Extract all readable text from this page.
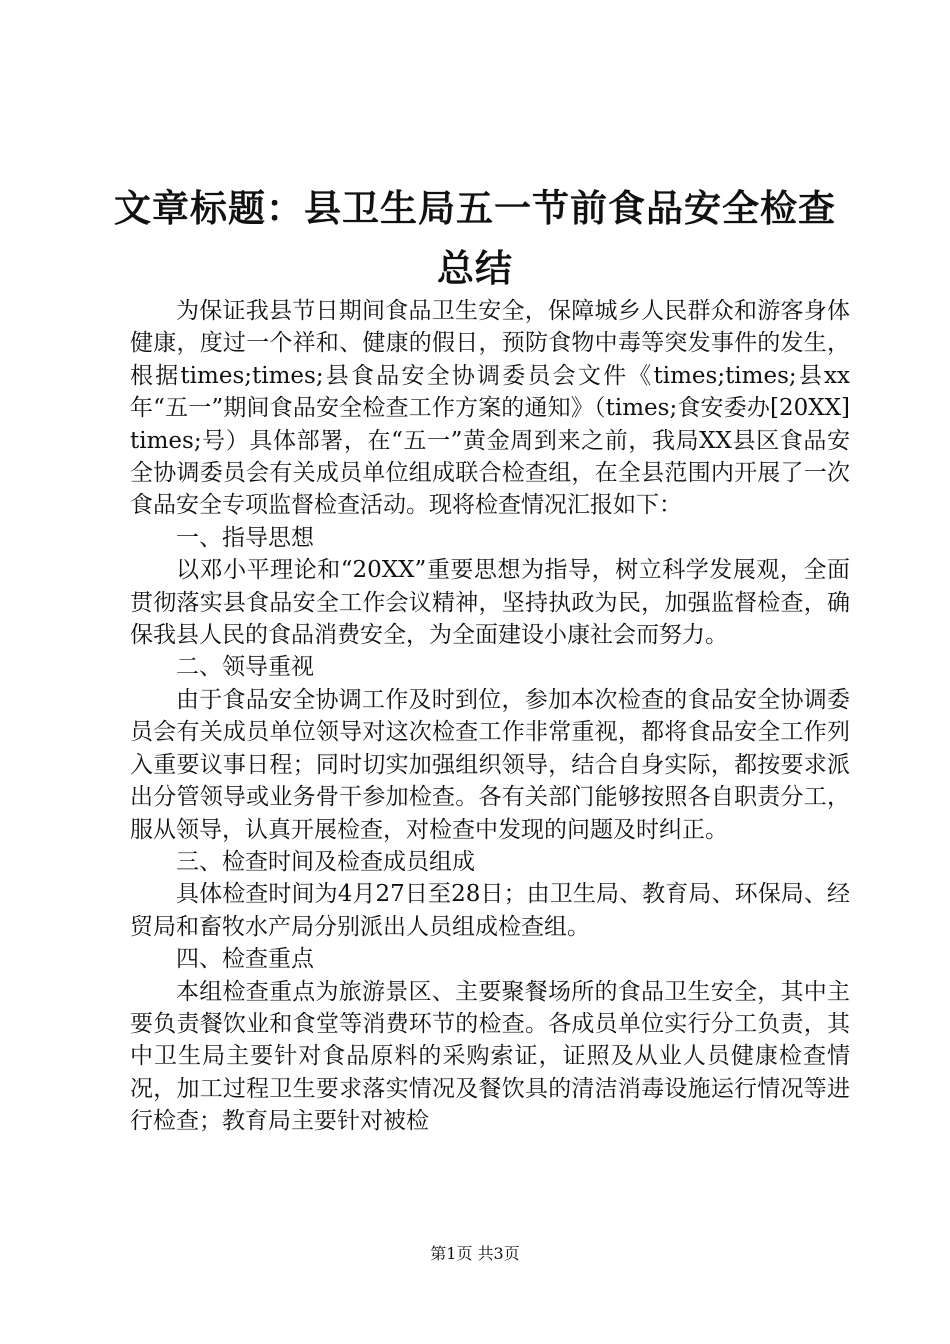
文章标题：县卫生局五一节前食品安全检查总结

为保证我县节日期间食品卫生安全，保障城乡人民群众和游客身体健康，度过一个祥和、健康的假日，预防食物中毒等突发事件的发生，根据times;times;县食品安全协调委员会文件《times;times;县xx年“五一”期间食品安全检查工作方案的通知》（times;食安委办[20XX]times;号）具体部署，在“五一”黄金周到来之前，我局XX县区食品安全协调委员会有关成员单位组成联合检查组，在全县范围内开展了一次食品安全专项监督检查活动。现将检查情况汇报如下：

一、指导思想

以邓小平理论和“20XX”重要思想为指导，树立科学发展观，全面贯彻落实县食品安全工作会议精神，坚持执政为民，加强监督检查，确保我县人民的食品消费安全，为全面建设小康社会而努力。

二、领导重视

由于食品安全协调工作及时到位，参加本次检查的食品安全协调委员会有关成员单位领导对这次检查工作非常重视，都将食品安全工作列入重要议事日程；同时切实加强组织领导，结合自身实际，都按要求派出分管领导或业务骨干参加检查。各有关部门能够按照各自职责分工，服从领导，认真开展检查，对检查中发现的问题及时纠正。

三、检查时间及检查成员组成

具体检查时间为4月27日至28日；由卫生局、教育局、环保局、经贸局和畜牧水产局分别派出人员组成检查组。

四、检查重点

本组检查重点为旅游景区、主要聚餐场所的食品卫生安全，其中主要负责餐饮业和食堂等消费环节的检查。各成员单位实行分工负责，其中卫生局主要针对食品原料的采购索证，证照及从业人员健康检查情况，加工过程卫生要求落实情况及餐饮具的清洁消毒设施运行情况等进行检查；教育局主要针对被检

第1页 共3页
